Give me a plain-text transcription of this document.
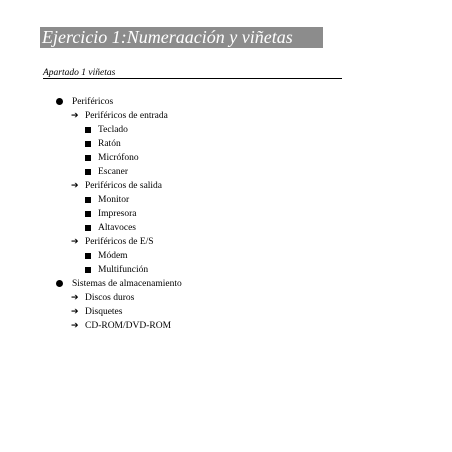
Ejercicio 1:Numeraación y viñetas
Apartado 1 viñetas
Periféricos
➔ Periféricos de entrada
Teclado
Ratón
Micrófono
Escaner
➔ Periféricos de salida
Monitor
Impresora
Altavoces
➔ Periféricos de E/S
Módem
Multifunción
Sistemas de almacenamiento
➔ Discos duros
➔ Disquetes
➔ CD-ROM/DVD-ROM
